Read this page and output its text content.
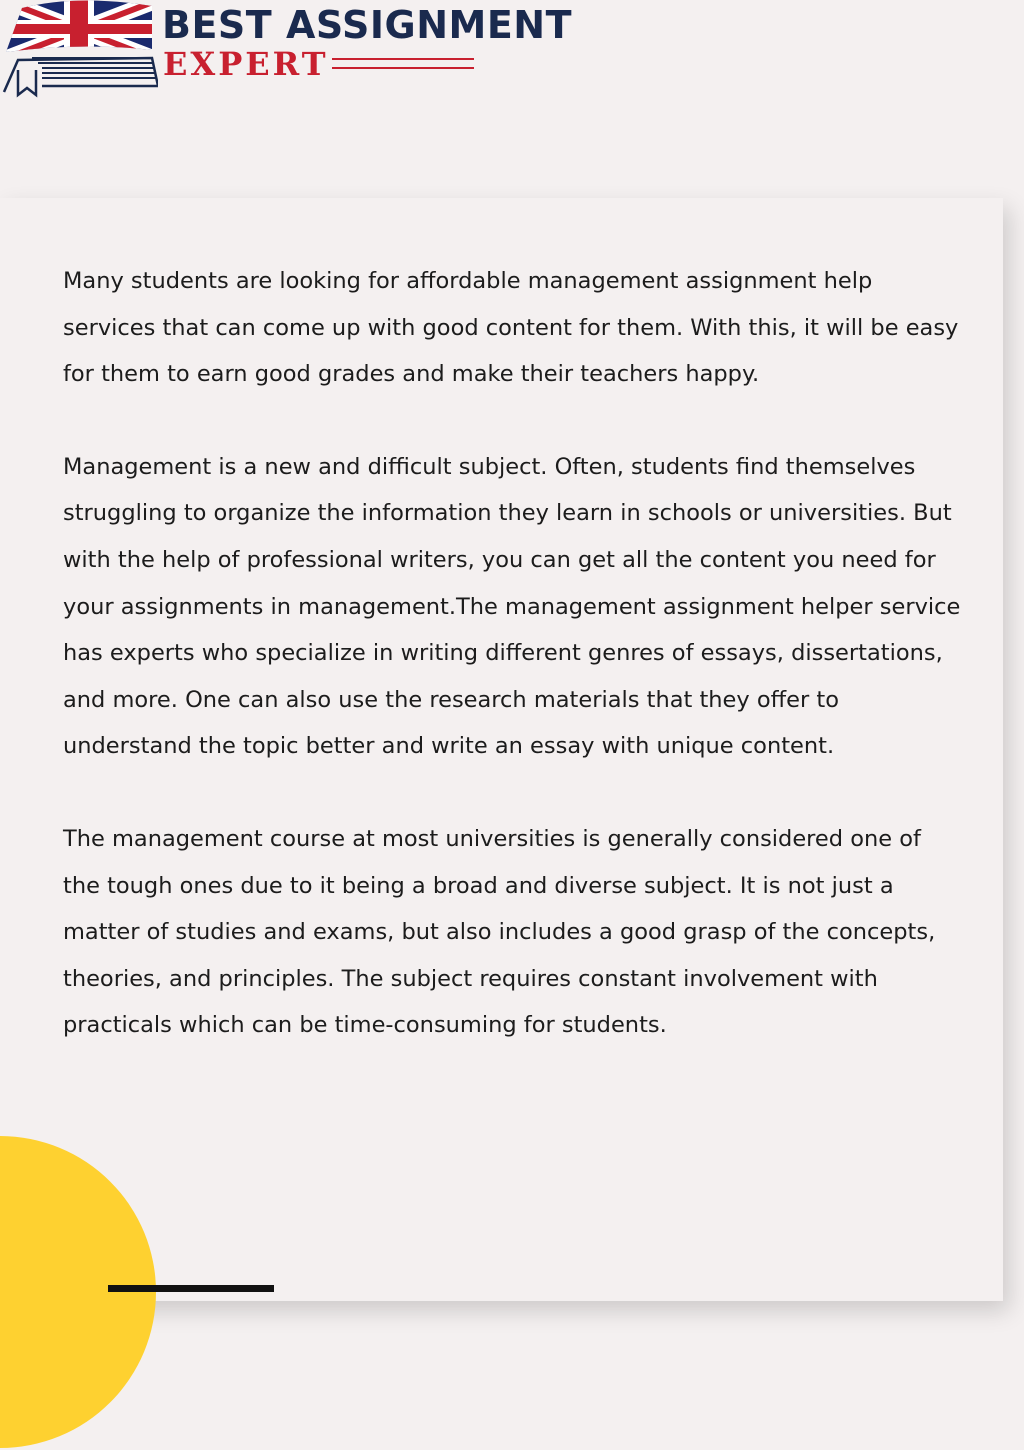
BEST ASSIGNMENT
EXPERT

Many students are looking for affordable management assignment help services that can come up with good content for them. With this, it will be easy for them to earn good grades and make their teachers happy.

Management is a new and difficult subject. Often, students find themselves struggling to organize the information they learn in schools or universities. But with the help of professional writers, you can get all the content you need for your assignments in management.The management assignment helper service has experts who specialize in writing different genres of essays, dissertations, and more. One can also use the research materials that they offer to understand the topic better and write an essay with unique content.

The management course at most universities is generally considered one of the tough ones due to it being a broad and diverse subject. It is not just a matter of studies and exams, but also includes a good grasp of the concepts, theories, and principles. The subject requires constant involvement with practicals which can be time-consuming for students.
